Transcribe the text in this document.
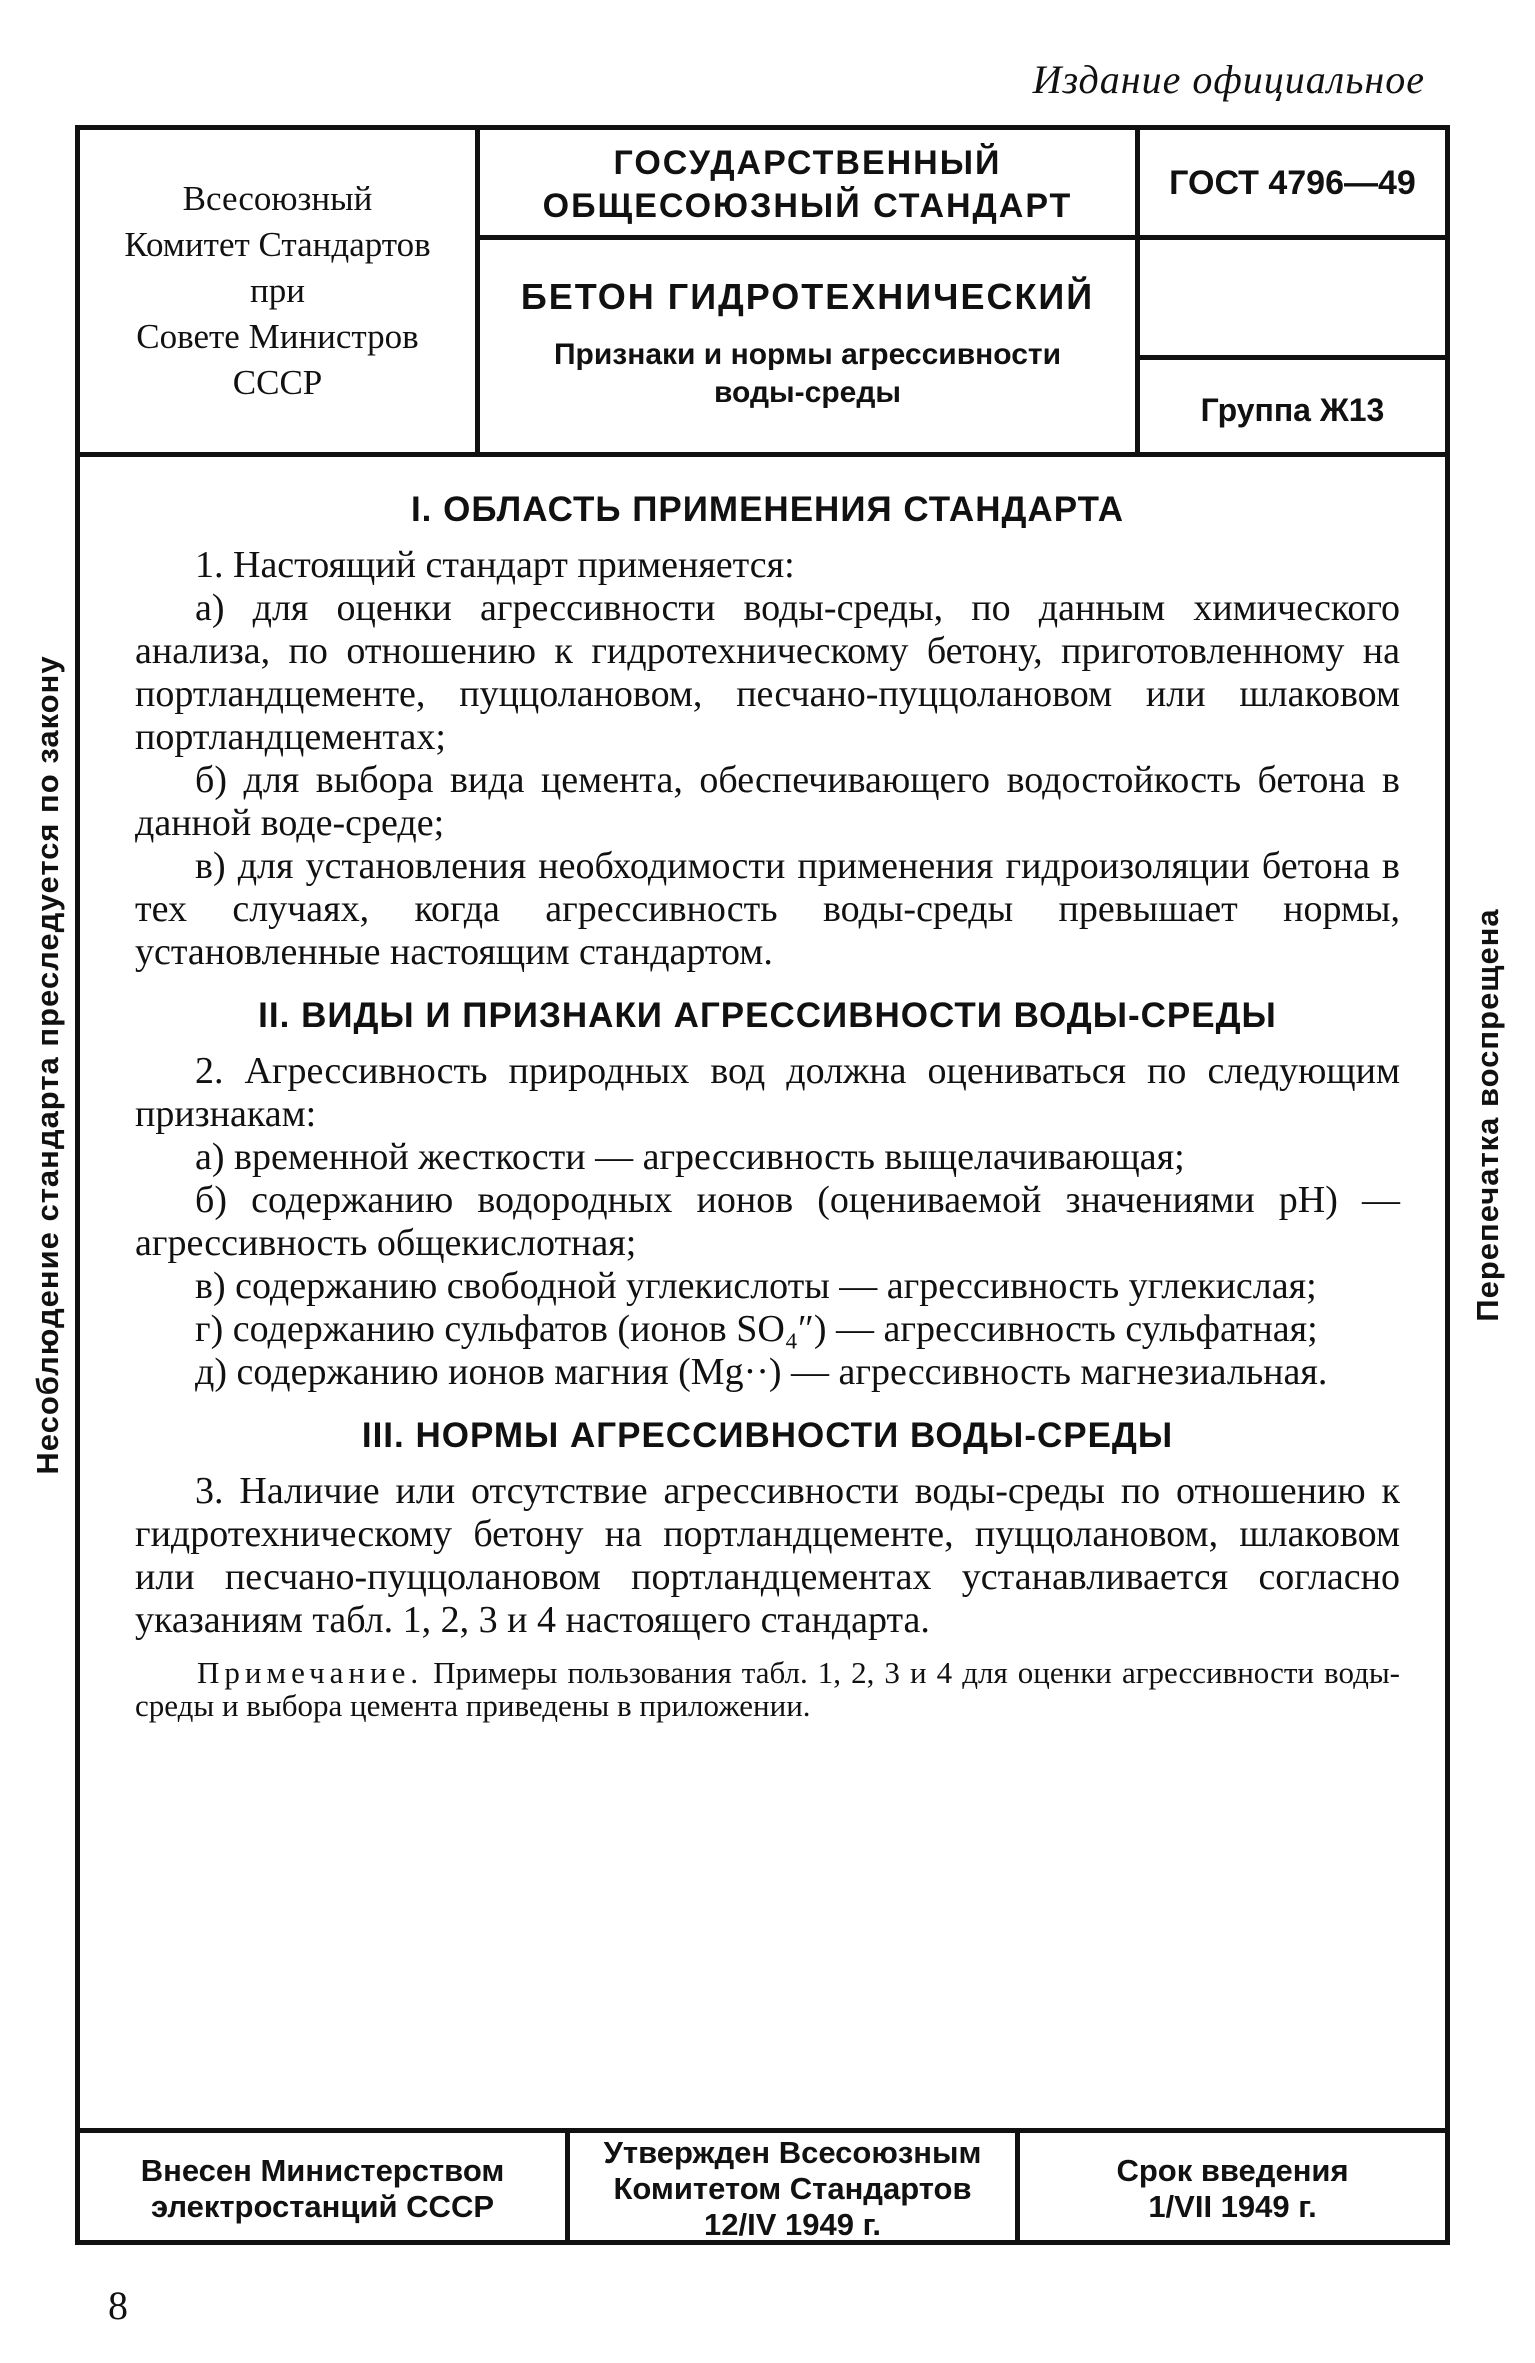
Издание официальное
Несоблюдение стандарта преследуется по закону	Перепечатка воспрещена
Всесоюзный
Комитет Стандартов
при
Совете Министров
СССР
ГОСУДАРСТВЕННЫЙ
ОБЩЕСОЮЗНЫЙ СТАНДАРТ
БЕТОН ГИДРОТЕХНИЧЕСКИЙ
Признаки и нормы агрессивности
воды-среды
ГОСТ 4796—49
Группа Ж13
I. ОБЛАСТЬ ПРИМЕНЕНИЯ СТАНДАРТА

1. Настоящий стандарт применяется:

а) для оценки агрессивности воды-среды, по данным химического анализа, по отношению к гидротехническому бетону, приготовленному на портландцементе, пуццолановом, песчано-пуццолановом или шлаковом портландцементах;

б) для выбора вида цемента, обеспечивающего водостойкость бетона в данной воде-среде;

в) для установления необходимости применения гидроизоляции бетона в тех случаях, когда агрессивность воды-среды превышает нормы, установленные настоящим стандартом.

II. ВИДЫ И ПРИЗНАКИ АГРЕССИВНОСТИ ВОДЫ-СРЕДЫ

2. Агрессивность природных вод должна оцениваться по следующим признакам:

а) временной жесткости — агрессивность выщелачивающая;

б) содержанию водородных ионов (оцениваемой значениями pH) — агрессивность общекислотная;

в) содержанию свободной углекислоты — агрессивность углекислая;

г) содержанию сульфатов (ионов SO₄″) — агрессивность сульфатная;

д) содержанию ионов магния (Mg··) — агрессивность магнезиальная.

III. НОРМЫ АГРЕССИВНОСТИ ВОДЫ-СРЕДЫ

3. Наличие или отсутствие агрессивности воды-среды по отношению к гидротехническому бетону на портландцементе, пуццолановом, шлаковом или песчано-пуццолановом портландцементах устанавливается согласно указаниям табл. 1, 2, 3 и 4 настоящего стандарта.

Примечание. Примеры пользования табл. 1, 2, 3 и 4 для оценки агрессивности воды-среды и выбора цемента приведены в приложении.

Внесен Министерством
электростанций СССР
Утвержден Всесоюзным
Комитетом Стандартов
12/IV 1949 г.
Срок введения
1/VII 1949 г.
8
